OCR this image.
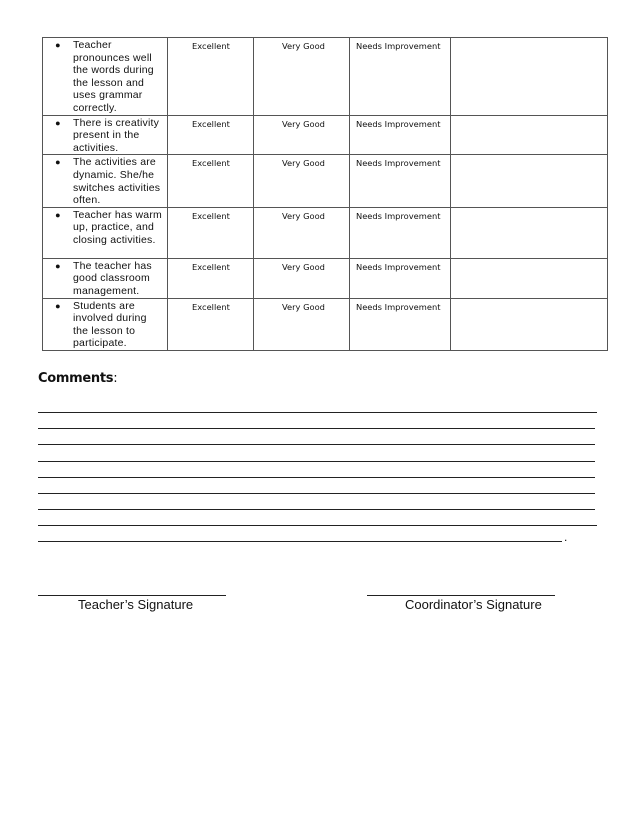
● Teacher pronounces well the words during the lesson and uses grammar correctly.	Excellent	Very Good	Needs Improvement	

● There is creativity present in the activities.	Excellent	Very Good	Needs Improvement	

● The activities are dynamic. She/he switches activities often.	Excellent	Very Good	Needs Improvement	

● Teacher has warm up, practice, and closing activities.	Excellent	Very Good	Needs Improvement	

● The teacher has good classroom management.	Excellent	Very Good	Needs Improvement	

● Students are involved during the lesson to participate.	Excellent	Very Good	Needs Improvement	
Comments:
.
Teacher’s Signature	Coordinator’s Signature
